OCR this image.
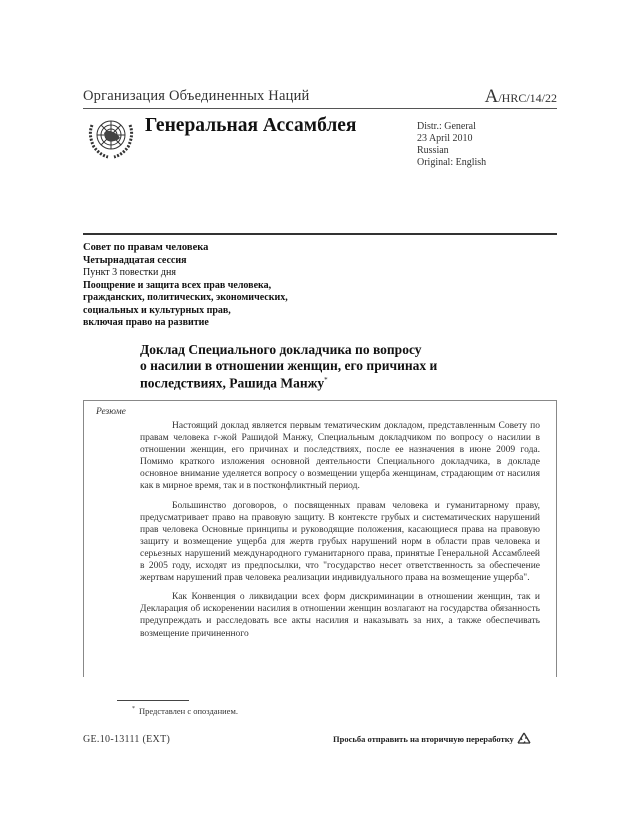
Организация Объединенных Наций	A/HRC/14/22
Генеральная Ассамблея	Distr.: General
23 April 2010
Russian
Original: English
Совет по правам человека
Четырнадцатая сессия
Пункт 3 повестки дня
Поощрение и защита всех прав человека,
гражданских, политических, экономических,
социальных и культурных прав,
включая право на развитие
Доклад Специального докладчика по вопросу
о насилии в отношении женщин, его причинах и
последствиях, Рашида Манжу*
Резюме

Настоящий доклад является первым тематическим докладом, представленным Совету по правам человека г-жой Рашидой Манжу, Специальным докладчиком по вопросу о насилии в отношении женщин, его причинах и последствиях, после ее назначения в июне 2009 года. Помимо краткого изложения основной деятельности Специального докладчика, в докладе основное внимание уделяется вопросу о возмещении ущерба женщинам, страдающим от насилия как в мирное время, так и в постконфликтный период.

Большинство договоров, о посвященных правам человека и гуманитарному праву, предусматривает право на правовую защиту. В контексте грубых и систематических нарушений прав человека Основные принципы и руководящие положения, касающиеся права на правовую защиту и возмещение ущерба для жертв грубых нарушений норм в области прав человека и серьезных нарушений международного гуманитарного права, принятые Генеральной Ассамблеей в 2005 году, исходят из предпосылки, что "государство несет ответственность за обеспечение жертвам нарушений прав человека реализации индивидуального права на возмещение ущерба".

Как Конвенция о ликвидации всех форм дискриминации в отношении женщин, так и Декларация об искоренении насилия в отношении женщин возлагают на государства обязанность предупреждать и расследовать все акты насилия и наказывать за них, а также обеспечивать возмещение причиненного

* Представлен с опозданием.
GE.10-13111 (EXT)	Просьба отправить на вторичную переработку
